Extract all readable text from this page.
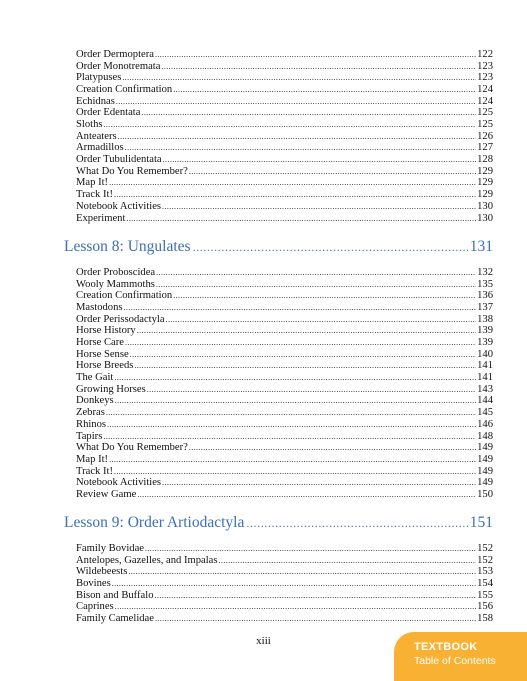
Order Dermoptera .....	122
Order Monotremata .....	123
Platypuses .....	123
Creation Confirmation .....	124
Echidnas .....	124
Order Edentata .....	125
Sloths .....	125
Anteaters .....	126
Armadillos .....	127
Order Tubulidentata .....	128
What Do You Remember? .....	129
Map It! .....	129
Track It! .....	129
Notebook Activities .....	130
Experiment .....	130
Lesson 8: Ungulates .....	131
Order Proboscidea .....	132
Wooly Mammoths .....	135
Creation Confirmation .....	136
Mastodons .....	137
Order Perissodactyla .....	138
Horse History .....	139
Horse Care .....	139
Horse Sense .....	140
Horse Breeds .....	141
The Gait .....	141
Growing Horses .....	143
Donkeys .....	144
Zebras .....	145
Rhinos .....	146
Tapirs .....	148
What Do You Remember? .....	149
Map It! .....	149
Track It! .....	149
Notebook Activities .....	149
Review Game .....	150
Lesson 9: Order Artiodactyla .....	151
Family Bovidae .....	152
Antelopes, Gazelles, and Impalas .....	152
Wildebeests .....	153
Bovines .....	154
Bison and Buffalo .....	155
Caprines .....	156
Family Camelidae .....	158
xiii	TEXTBOOK
Table of Contents
